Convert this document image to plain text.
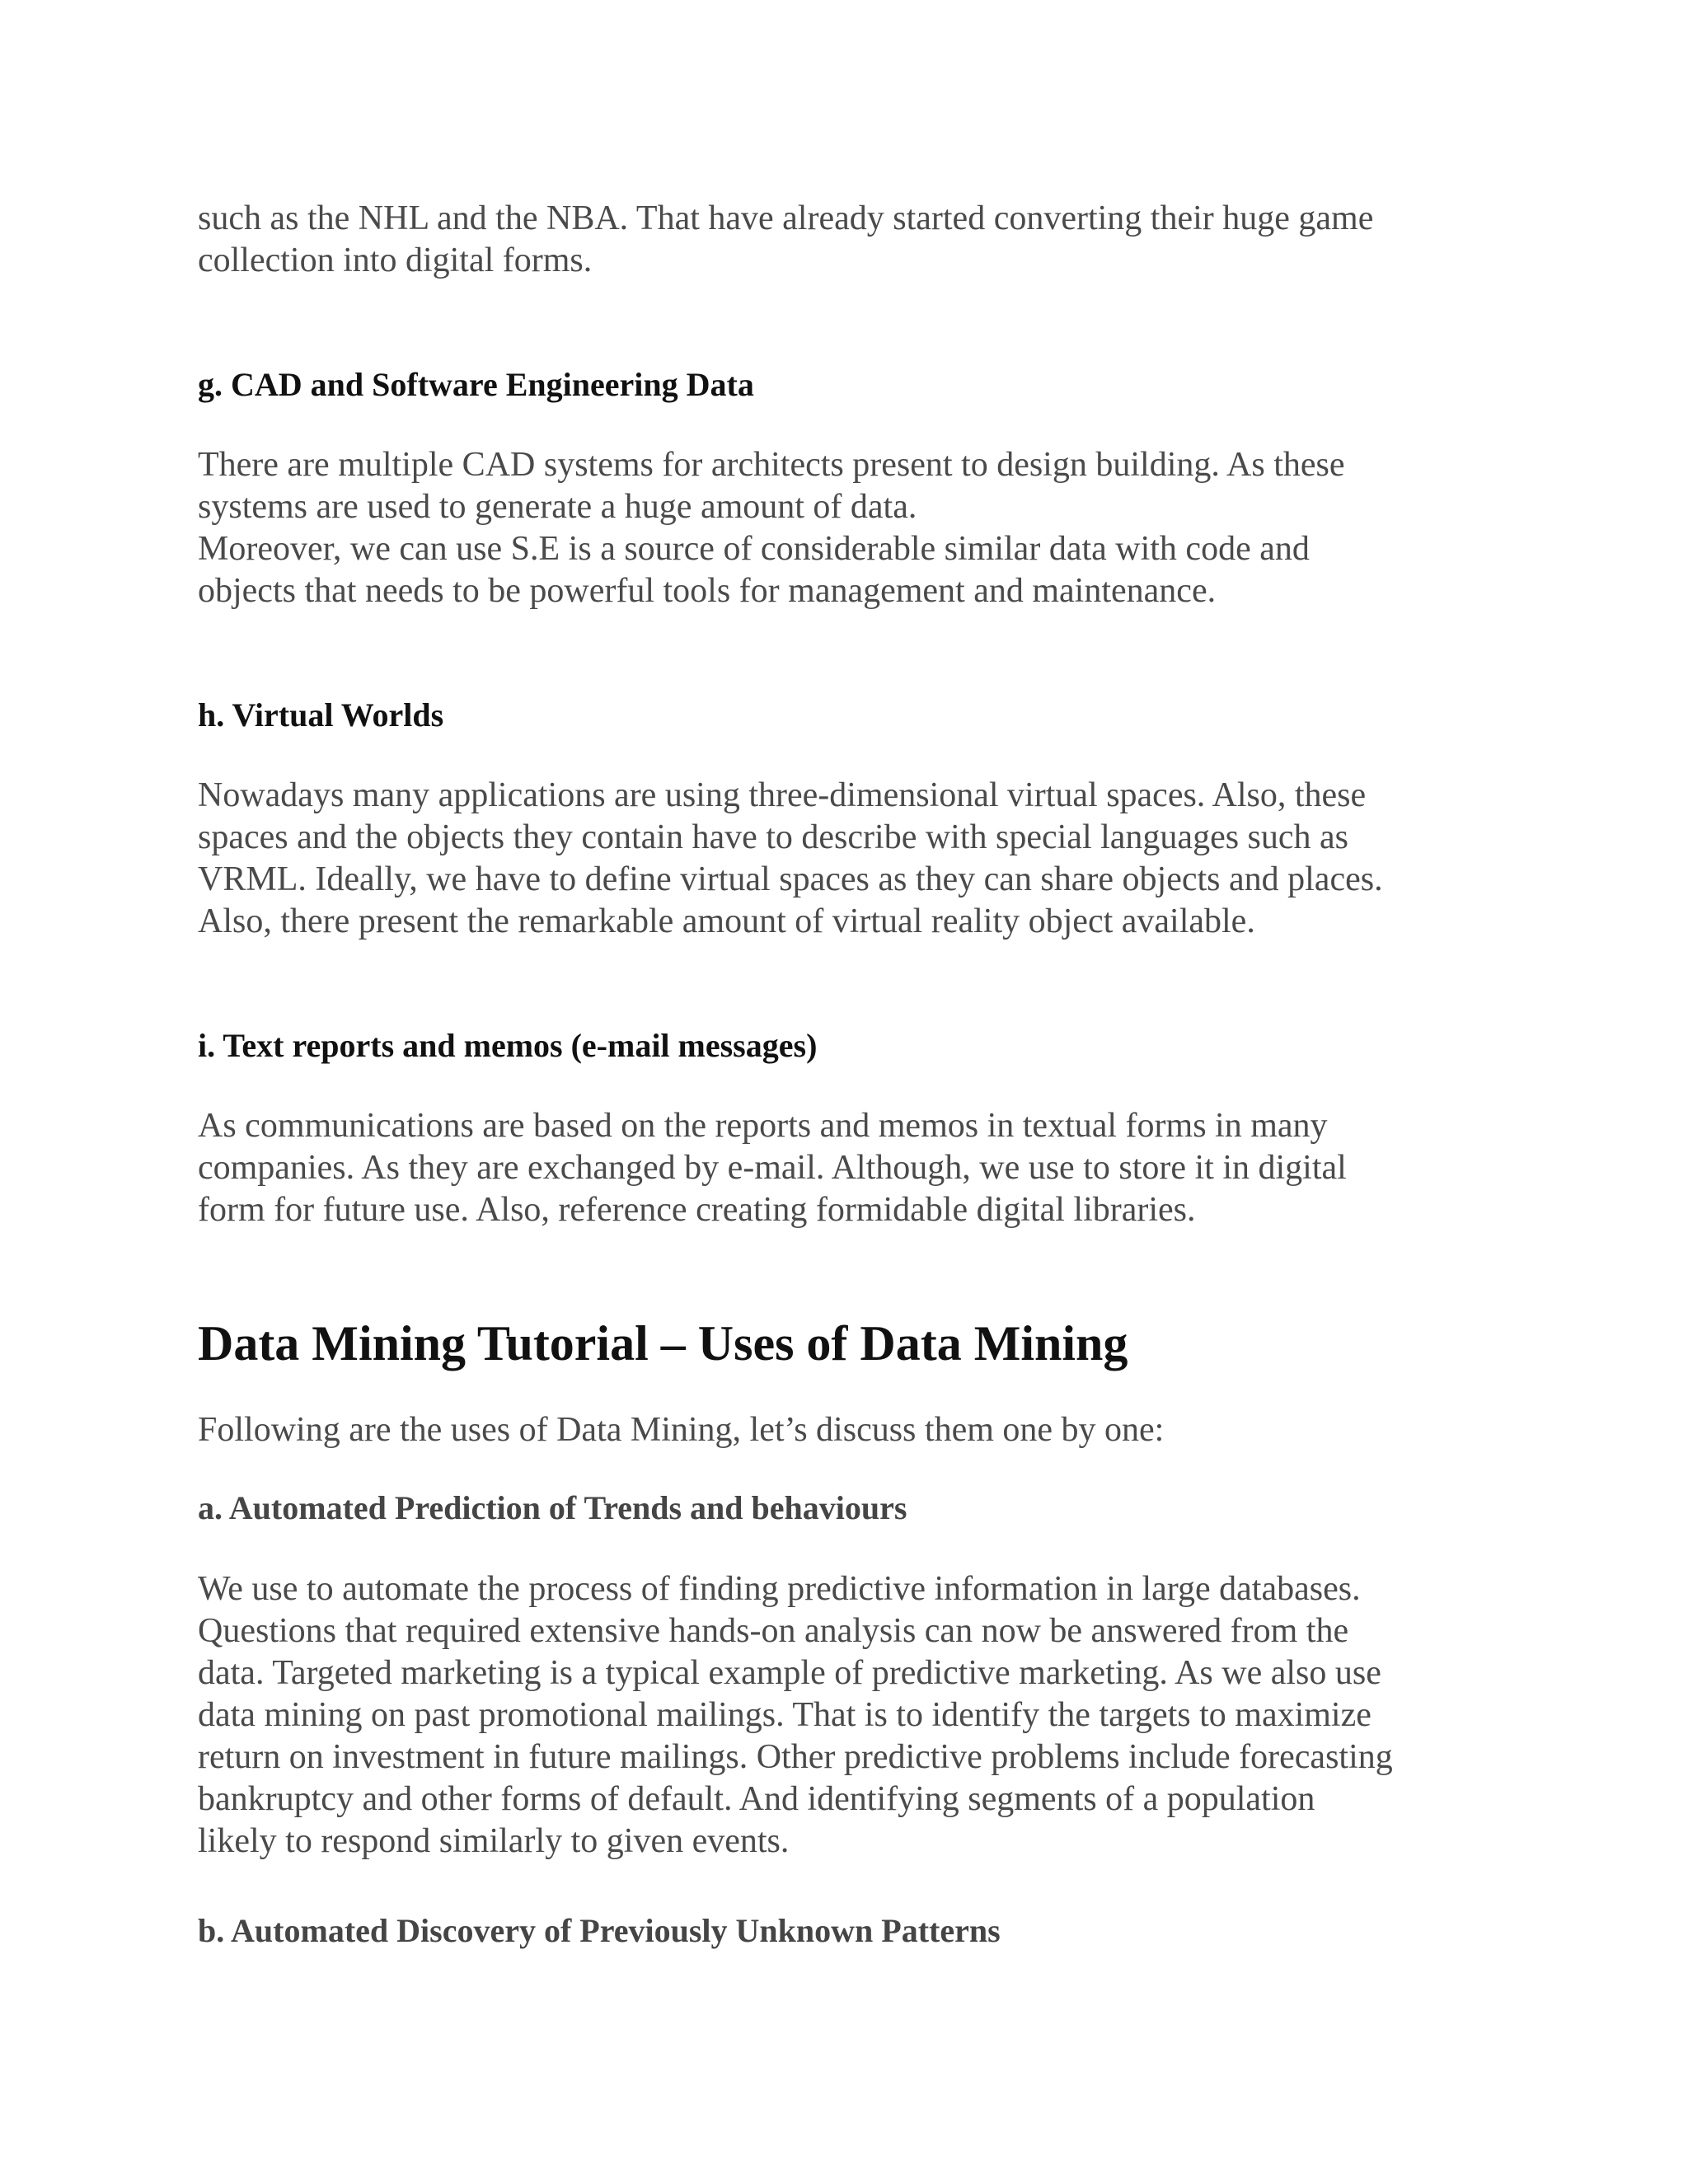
such as the NHL and the NBA. That have already started converting their huge game

collection into digital forms.

g. CAD and Software Engineering Data

There are multiple CAD systems for architects present to design building. As these

systems are used to generate a huge amount of data.

Moreover, we can use S.E is a source of considerable similar data with code and

objects that needs to be powerful tools for management and maintenance.

h. Virtual Worlds

Nowadays many applications are using three-dimensional virtual spaces. Also, these

spaces and the objects they contain have to describe with special languages such as

VRML. Ideally, we have to define virtual spaces as they can share objects and places.

Also, there present the remarkable amount of virtual reality object available.

i. Text reports and memos (e-mail messages)

As communications are based on the reports and memos in textual forms in many

companies. As they are exchanged by e-mail. Although, we use to store it in digital

form for future use. Also, reference creating formidable digital libraries.

Data Mining Tutorial – Uses of Data Mining

Following are the uses of Data Mining, let’s discuss them one by one:

a. Automated Prediction of Trends and behaviours

We use to automate the process of finding predictive information in large databases.

Questions that required extensive hands-on analysis can now be answered from the

data. Targeted marketing is a typical example of predictive marketing. As we also use

data mining on past promotional mailings. That is to identify the targets to maximize

return on investment in future mailings. Other predictive problems include forecasting

bankruptcy and other forms of default. And identifying segments of a population

likely to respond similarly to given events.

b. Automated Discovery of Previously Unknown Patterns
